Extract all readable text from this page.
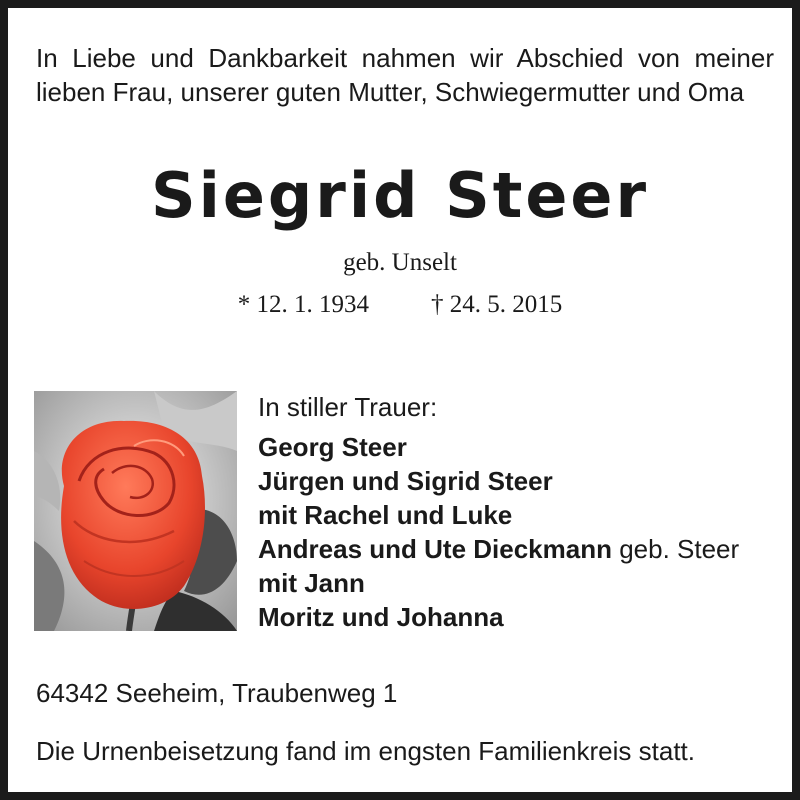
In Liebe und Dankbarkeit nahmen wir Abschied von meiner lieben Frau, unserer guten Mutter, Schwiegermutter und Oma

Siegrid Steer
geb. Unselt
* 12. 1. 1934 † 24. 5. 2015
In stiller Trauer:
Georg Steer
Jürgen und Sigrid Steer
mit Rachel und Luke
Andreas und Ute Dieckmann geb. Steer
mit Jann
Moritz und Johanna
64342 Seeheim, Traubenweg 1
Die Urnenbeisetzung fand im engsten Familienkreis statt.
